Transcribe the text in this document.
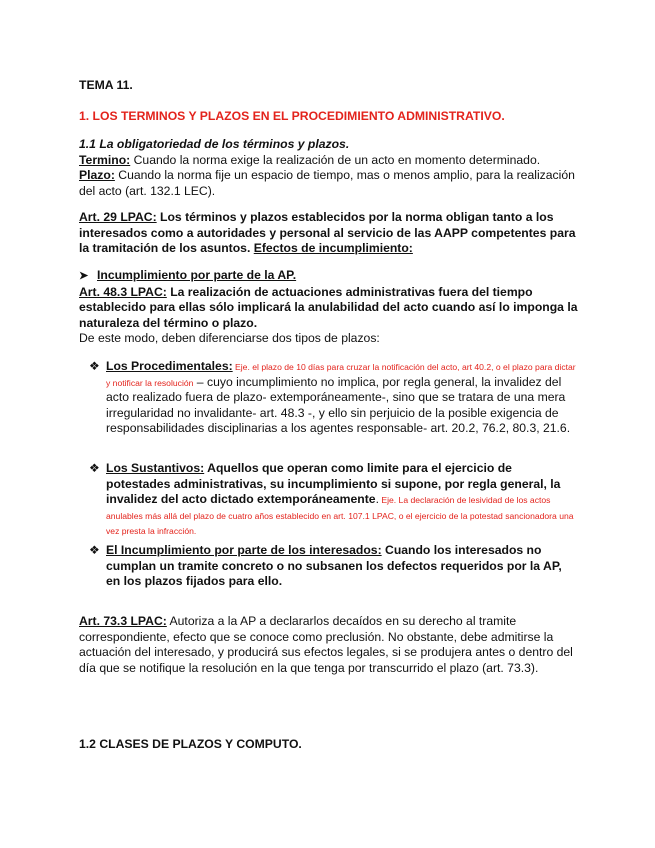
TEMA 11.
1. LOS TERMINOS Y PLAZOS EN EL PROCEDIMIENTO ADMINISTRATIVO.
1.1 La obligatoriedad de los términos y plazos.
Termino: Cuando la norma exige la realización de un acto en momento determinado.
Plazo: Cuando la norma fije un espacio de tiempo, mas o menos amplio, para la realización del acto (art. 132.1 LEC).
Art. 29 LPAC: Los términos y plazos establecidos por la norma obligan tanto a los interesados como a autoridades y personal al servicio de las AAPP competentes para la tramitación de los asuntos. Efectos de incumplimiento:
➤ Incumplimiento por parte de la AP.
Art. 48.3 LPAC: La realización de actuaciones administrativas fuera del tiempo establecido para ellas sólo implicará la anulabilidad del acto cuando así lo imponga la naturaleza del término o plazo.
De este modo, deben diferenciarse dos tipos de plazos:
❖ Los Procedimentales: Eje. el plazo de 10 días para cruzar la notificación del acto, art 40.2, o el plazo para dictar y notificar la resolución – cuyo incumplimiento no implica, por regla general, la invalidez del acto realizado fuera de plazo- extemporáneamente-, sino que se tratara de una mera irregularidad no invalidante- art. 48.3 -, y ello sin perjuicio de la posible exigencia de responsabilidades disciplinarias a los agentes responsable- art. 20.2, 76.2, 80.3, 21.6.
❖ Los Sustantivos: Aquellos que operan como limite para el ejercicio de potestades administrativas, su incumplimiento si supone, por regla general, la invalidez del acto dictado extemporáneamente. Eje. La declaración de lesividad de los actos anulables más allá del plazo de cuatro años establecido en art. 107.1 LPAC, o el ejercicio de la potestad sancionadora una vez presta la infracción.
❖ El Incumplimiento por parte de los interesados: Cuando los interesados no cumplan un tramite concreto o no subsanen los defectos requeridos por la AP, en los plazos fijados para ello.
Art. 73.3 LPAC: Autoriza a la AP a declararlos decaídos en su derecho al tramite correspondiente, efecto que se conoce como preclusión. No obstante, debe admitirse la actuación del interesado, y producirá sus efectos legales, si se produjera antes o dentro del día que se notifique la resolución en la que tenga por transcurrido el plazo (art. 73.3).
1.2 CLASES DE PLAZOS Y COMPUTO.
